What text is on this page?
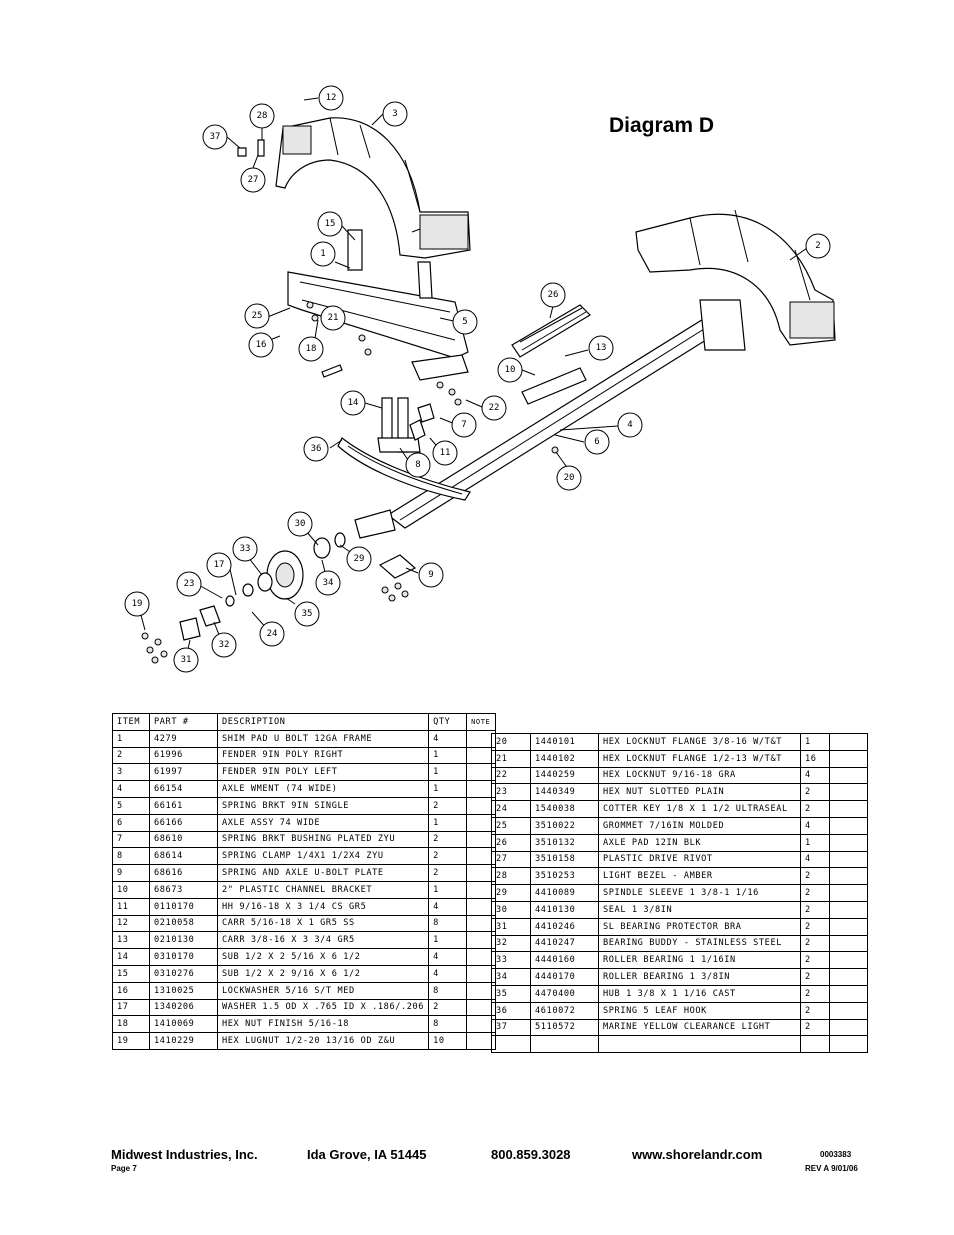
12
28	3
37
27
15
2
1
26
25	21	5
13
16	18
10
14	22
7	4
36
8
11
6
20
30
33
29
17
9
23	34
19
35
24
32
31
Diagram D
ITEM	PART #	DESCRIPTION	QTY	NOTE
1	4279	SHIM PAD U BOLT 12GA FRAME	4	
2	61996	FENDER 9IN POLY RIGHT	1	
3	61997	FENDER 9IN POLY LEFT	1	
4	66154	AXLE WMENT (74 WIDE)	1	
5	66161	SPRING BRKT 9IN SINGLE	2	
6	66166	AXLE ASSY 74 WIDE	1	
7	68610	SPRING BRKT BUSHING PLATED ZYU	2	
8	68614	SPRING CLAMP 1/4X1 1/2X4 ZYU	2	
9	68616	SPRING AND AXLE U-BOLT PLATE	2	
10	68673	2" PLASTIC CHANNEL BRACKET	1	
11	0110170	HH 9/16-18 X 3 1/4 CS GR5	4	
12	0210058	CARR 5/16-18 X 1 GR5 SS	8	
13	0210130	CARR 3/8-16 X 3 3/4 GR5	1	
14	0310170	SUB 1/2 X 2 5/16 X 6 1/2	4	
15	0310276	SUB 1/2 X 2 9/16 X 6 1/2	4	
16	1310025	LOCKWASHER 5/16 S/T MED	8	
17	1340206	WASHER 1.5 OD X .765 ID X .186/.206	2	
18	1410069	HEX NUT FINISH 5/16-18	8	
19	1410229	HEX LUGNUT 1/2-20 13/16 OD Z&U	10	
20	1440101	HEX LOCKNUT FLANGE 3/8-16 W/T&T	1	
21	1440102	HEX LOCKNUT FLANGE 1/2-13 W/T&T	16	
22	1440259	HEX LOCKNUT 9/16-18 GRA	4	
23	1440349	HEX NUT SLOTTED PLAIN	2	
24	1540038	COTTER KEY 1/8 X 1 1/2 ULTRASEAL	2	
25	3510022	GROMMET 7/16IN MOLDED	4	
26	3510132	AXLE PAD 12IN BLK	1	
27	3510158	PLASTIC DRIVE RIVOT	4	
28	3510253	LIGHT BEZEL - AMBER	2	
29	4410089	SPINDLE SLEEVE 1 3/8-1 1/16	2	
30	4410130	SEAL 1 3/8IN	2	
31	4410246	SL BEARING PROTECTOR BRA	2	
32	4410247	BEARING BUDDY - STAINLESS STEEL	2	
33	4440160	ROLLER BEARING 1 1/16IN	2	
34	4440170	ROLLER BEARING 1 3/8IN	2	
35	4470400	HUB 1 3/8 X 1 1/16 CAST	2	
36	4610072	SPRING 5 LEAF HOOK	2	
37	5110572	MARINE YELLOW CLEARANCE LIGHT	2	

Midwest Industries, Inc.	Ida Grove, IA 51445	800.859.3028	www.shorelandr.com	0003383
Page 7	REV A 9/01/06
